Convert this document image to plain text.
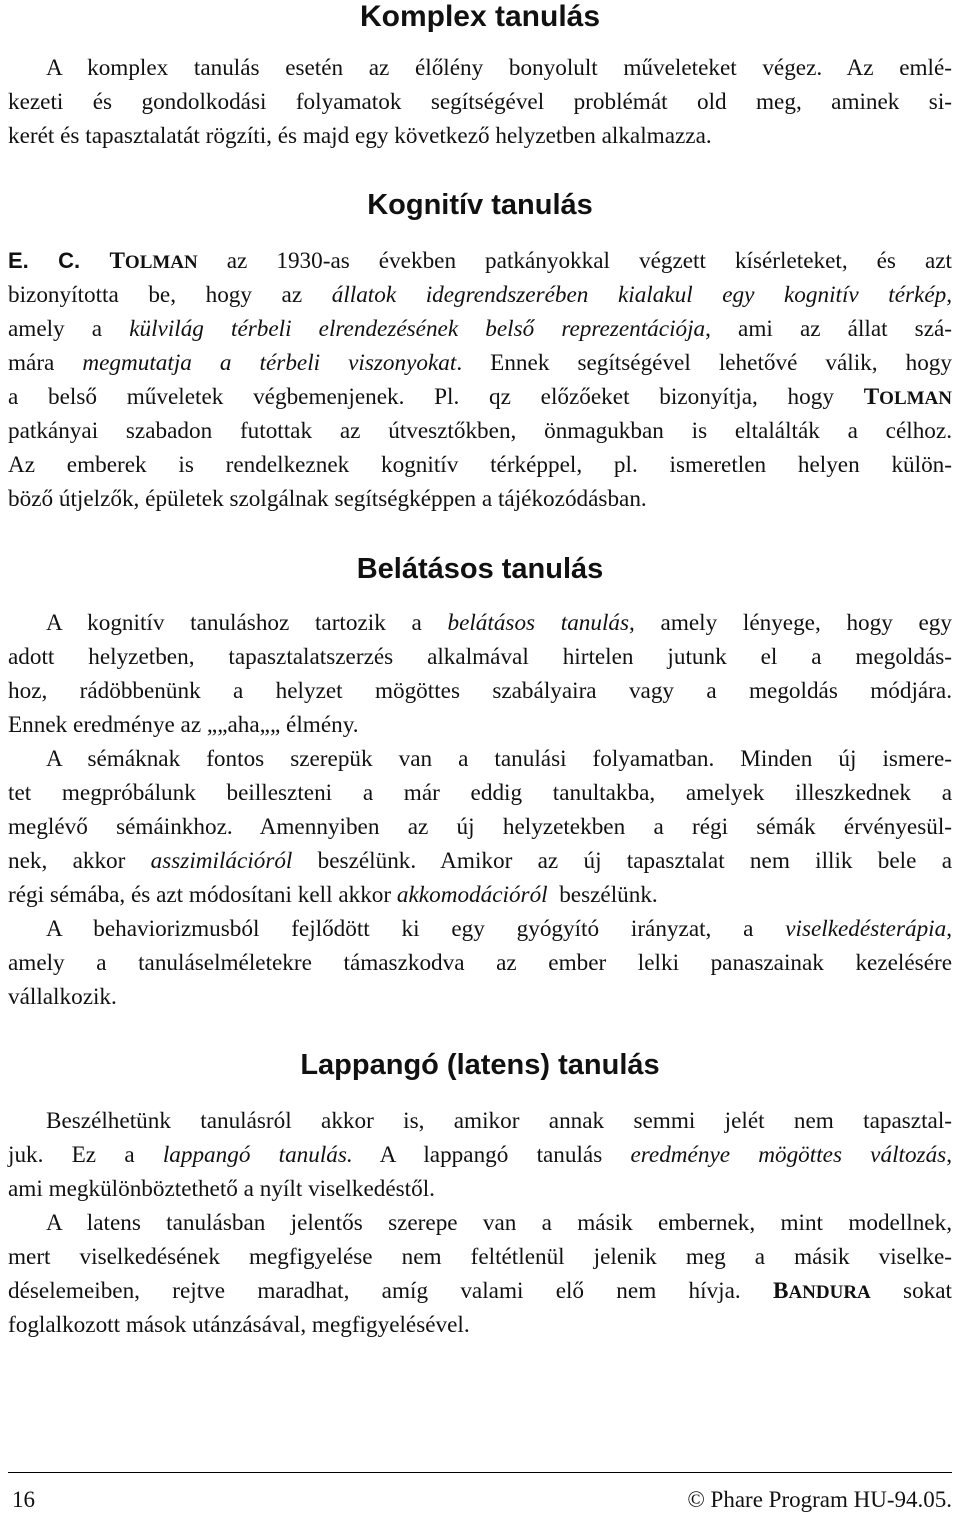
Komplex tanulás
A komplex tanulás esetén az élőlény bonyolult műveleteket végez. Az emlé-
kezeti és gondolkodási folyamatok segítségével problémát old meg, aminek si-
kerét és tapasztalatát rögzíti, és majd egy következő helyzetben alkalmazza.
Kognitív tanulás
E. C. TOLMAN az 1930-as években patkányokkal végzett kísérleteket, és azt
bizonyította be, hogy az állatok idegrendszerében kialakul egy kognitív térkép,
amely a külvilág térbeli elrendezésének belső reprezentációja, ami az állat szá-
mára megmutatja a térbeli viszonyokat. Ennek segítségével lehetővé válik, hogy
a belső műveletek végbemenjenek. Pl. qz előzőeket bizonyítja, hogy TOLMAN
patkányai szabadon futottak az útvesztőkben, önmagukban is eltalálták a célhoz.
Az emberek is rendelkeznek kognitív térképpel, pl. ismeretlen helyen külön-
böző útjelzők, épületek szolgálnak segítségképpen a tájékozódásban.
Belátásos tanulás
A kognitív tanuláshoz tartozik a belátásos tanulás, amely lényege, hogy egy
adott helyzetben, tapasztalatszerzés alkalmával hirtelen jutunk el a megoldás-
hoz, rádöbbenünk a helyzet mögöttes szabályaira vagy a megoldás módjára.
Ennek eredménye az „„aha„„ élmény.
A sémáknak fontos szerepük van a tanulási folyamatban. Minden új ismere-
tet megpróbálunk beilleszteni a már eddig tanultakba, amelyek illeszkednek a
meglévő sémáinkhoz. Amennyiben az új helyzetekben a régi sémák érvényesül-
nek, akkor asszimilációról beszélünk. Amikor az új tapasztalat nem illik bele a
régi sémába, és azt módosítani kell akkor akkomodációról  beszélünk.
A behaviorizmusból fejlődött ki egy gyógyító irányzat, a viselkedésterápia,
amely a tanuláselméletekre támaszkodva az ember lelki panaszainak kezelésére
vállalkozik.
Lappangó (latens) tanulás
Beszélhetünk tanulásról akkor is, amikor annak semmi jelét nem tapasztal-
juk. Ez a lappangó tanulás. A lappangó tanulás eredménye mögöttes változás,
ami megkülönböztethető a nyílt viselkedéstől.
A latens tanulásban jelentős szerepe van a másik embernek, mint modellnek,
mert viselkedésének megfigyelése nem feltétlenül jelenik meg a másik viselke-
déselemeiben, rejtve maradhat, amíg valami elő nem hívja. BANDURA sokat
foglalkozott mások utánzásával, megfigyelésével.
16	© Phare Program HU-94.05.
